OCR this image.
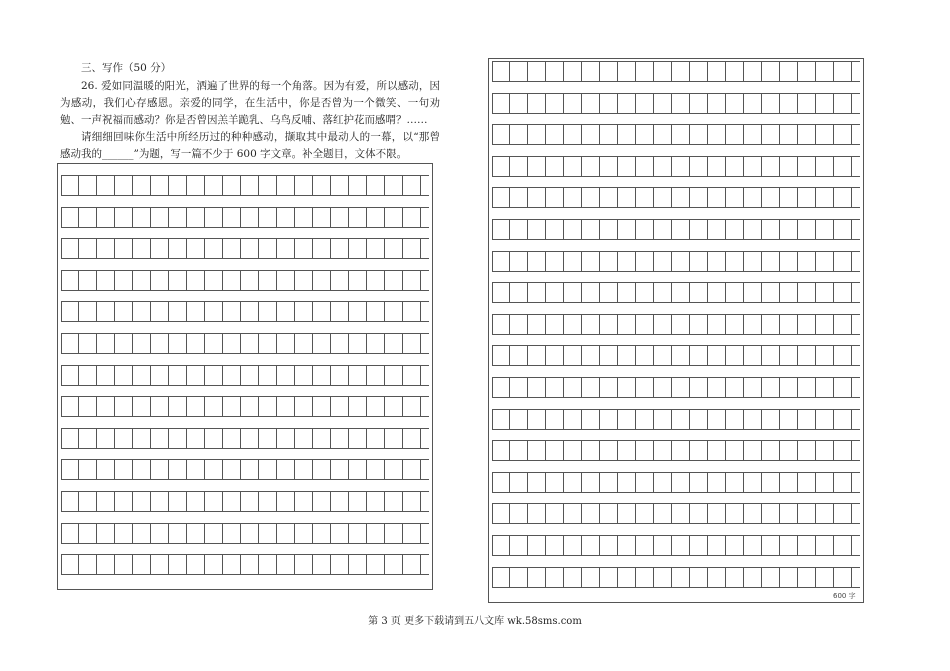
三、写作（50 分）

26. 爱如同温暖的阳光，洒遍了世界的每一个角落。因为有爱，所以感动，因为感动，我们心存感恩。亲爱的同学，在生活中，你是否曾为一个微笑、一句劝勉、一声祝福而感动？你是否曾因羔羊跪乳、乌鸟反哺、落红护花而感喟？……

请细细回味你生活中所经历过的种种感动，撷取其中最动人的一幕，以“那曾感动我的______”为题，写一篇不少于 600 字文章。补全题目，文体不限。

600 字
第 3 页 更多下载请到五八文库 wk.58sms.com
